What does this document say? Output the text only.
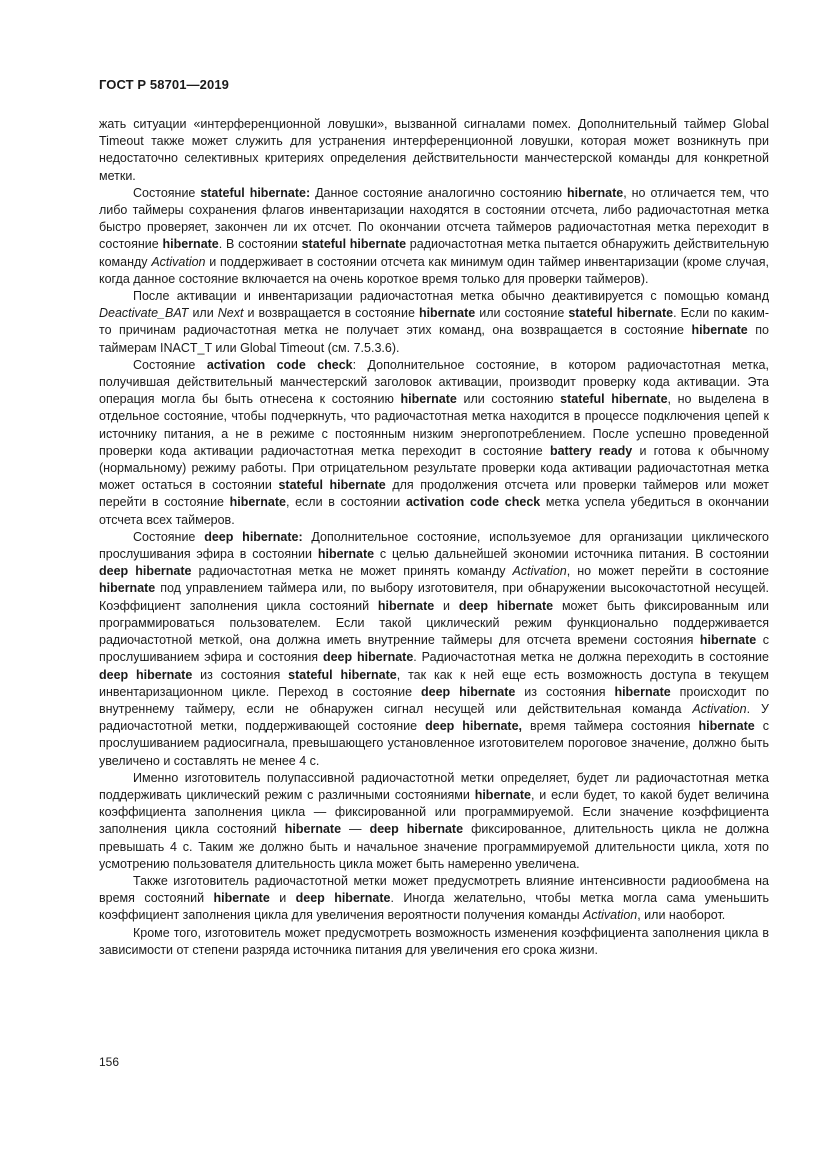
ГОСТ Р 58701—2019

жать ситуации «интерференционной ловушки», вызванной сигналами помех. Дополнительный таймер Global Timeout также может служить для устранения интерференционной ловушки, которая может возникнуть при недостаточно селективных критериях определения действительности манчестерской команды для конкретной метки.

Состояние stateful hibernate: Данное состояние аналогично состоянию hibernate, но отличается тем, что либо таймеры сохранения флагов инвентаризации находятся в состоянии отсчета, либо радиочастотная метка быстро проверяет, закончен ли их отсчет. По окончании отсчета таймеров радиочастотная метка переходит в состояние hibernate. В состоянии stateful hibernate радиочастотная метка пытается обнаружить действительную команду Activation и поддерживает в состоянии отсчета как минимум один таймер инвентаризации (кроме случая, когда данное состояние включается на очень короткое время только для проверки таймеров).

После активации и инвентаризации радиочастотная метка обычно деактивируется с помощью команд Deactivate_BAT или Next и возвращается в состояние hibernate или состояние stateful hibernate. Если по каким-то причинам радиочастотная метка не получает этих команд, она возвращается в состояние hibernate по таймерам INACT_T или Global Timeout (см. 7.5.3.6).

Состояние activation code check: Дополнительное состояние, в котором радиочастотная метка, получившая действительный манчестерский заголовок активации, производит проверку кода активации. Эта операция могла бы быть отнесена к состоянию hibernate или состоянию stateful hibernate, но выделена в отдельное состояние, чтобы подчеркнуть, что радиочастотная метка находится в процессе подключения цепей к источнику питания, а не в режиме с постоянным низким энергопотреблением. После успешно проведенной проверки кода активации радиочастотная метка переходит в состояние battery ready и готова к обычному (нормальному) режиму работы. При отрицательном результате проверки кода активации радиочастотная метка может остаться в состоянии stateful hibernate для продолжения отсчета или проверки таймеров или может перейти в состояние hibernate, если в состоянии activation code check метка успела убедиться в окончании отсчета всех таймеров.

Состояние deep hibernate: Дополнительное состояние, используемое для организации циклического прослушивания эфира в состоянии hibernate с целью дальнейшей экономии источника питания. В состоянии deep hibernate радиочастотная метка не может принять команду Activation, но может перейти в состояние hibernate под управлением таймера или, по выбору изготовителя, при обнаружении высокочастотной несущей. Коэффициент заполнения цикла состояний hibernate и deep hibernate может быть фиксированным или программироваться пользователем. Если такой циклический режим функционально поддерживается радиочастотной меткой, она должна иметь внутренние таймеры для отсчета времени состояния hibernate с прослушиванием эфира и состояния deep hibernate. Радиочастотная метка не должна переходить в состояние deep hibernate из состояния stateful hibernate, так как к ней еще есть возможность доступа в текущем инвентаризационном цикле. Переход в состояние deep hibernate из состояния hibernate происходит по внутреннему таймеру, если не обнаружен сигнал несущей или действительная команда Activation. У радиочастотной метки, поддерживающей состояние deep hibernate, время таймера состояния hibernate с прослушиванием радиосигнала, превышающего установленное изготовителем пороговое значение, должно быть увеличено и составлять не менее 4 с.

Именно изготовитель полупассивной радиочастотной метки определяет, будет ли радиочастотная метка поддерживать циклический режим с различными состояниями hibernate, и если будет, то какой будет величина коэффициента заполнения цикла — фиксированной или программируемой. Если значение коэффициента заполнения цикла состояний hibernate — deep hibernate фиксированное, длительность цикла не должна превышать 4 с. Таким же должно быть и начальное значение программируемой длительности цикла, хотя по усмотрению пользователя длительность цикла может быть намеренно увеличена.

Также изготовитель радиочастотной метки может предусмотреть влияние интенсивности радиообмена на время состояний hibernate и deep hibernate. Иногда желательно, чтобы метка могла сама уменьшить коэффициент заполнения цикла для увеличения вероятности получения команды Activation, или наоборот.

Кроме того, изготовитель может предусмотреть возможность изменения коэффициента заполнения цикла в зависимости от степени разряда источника питания для увеличения его срока жизни.

156
